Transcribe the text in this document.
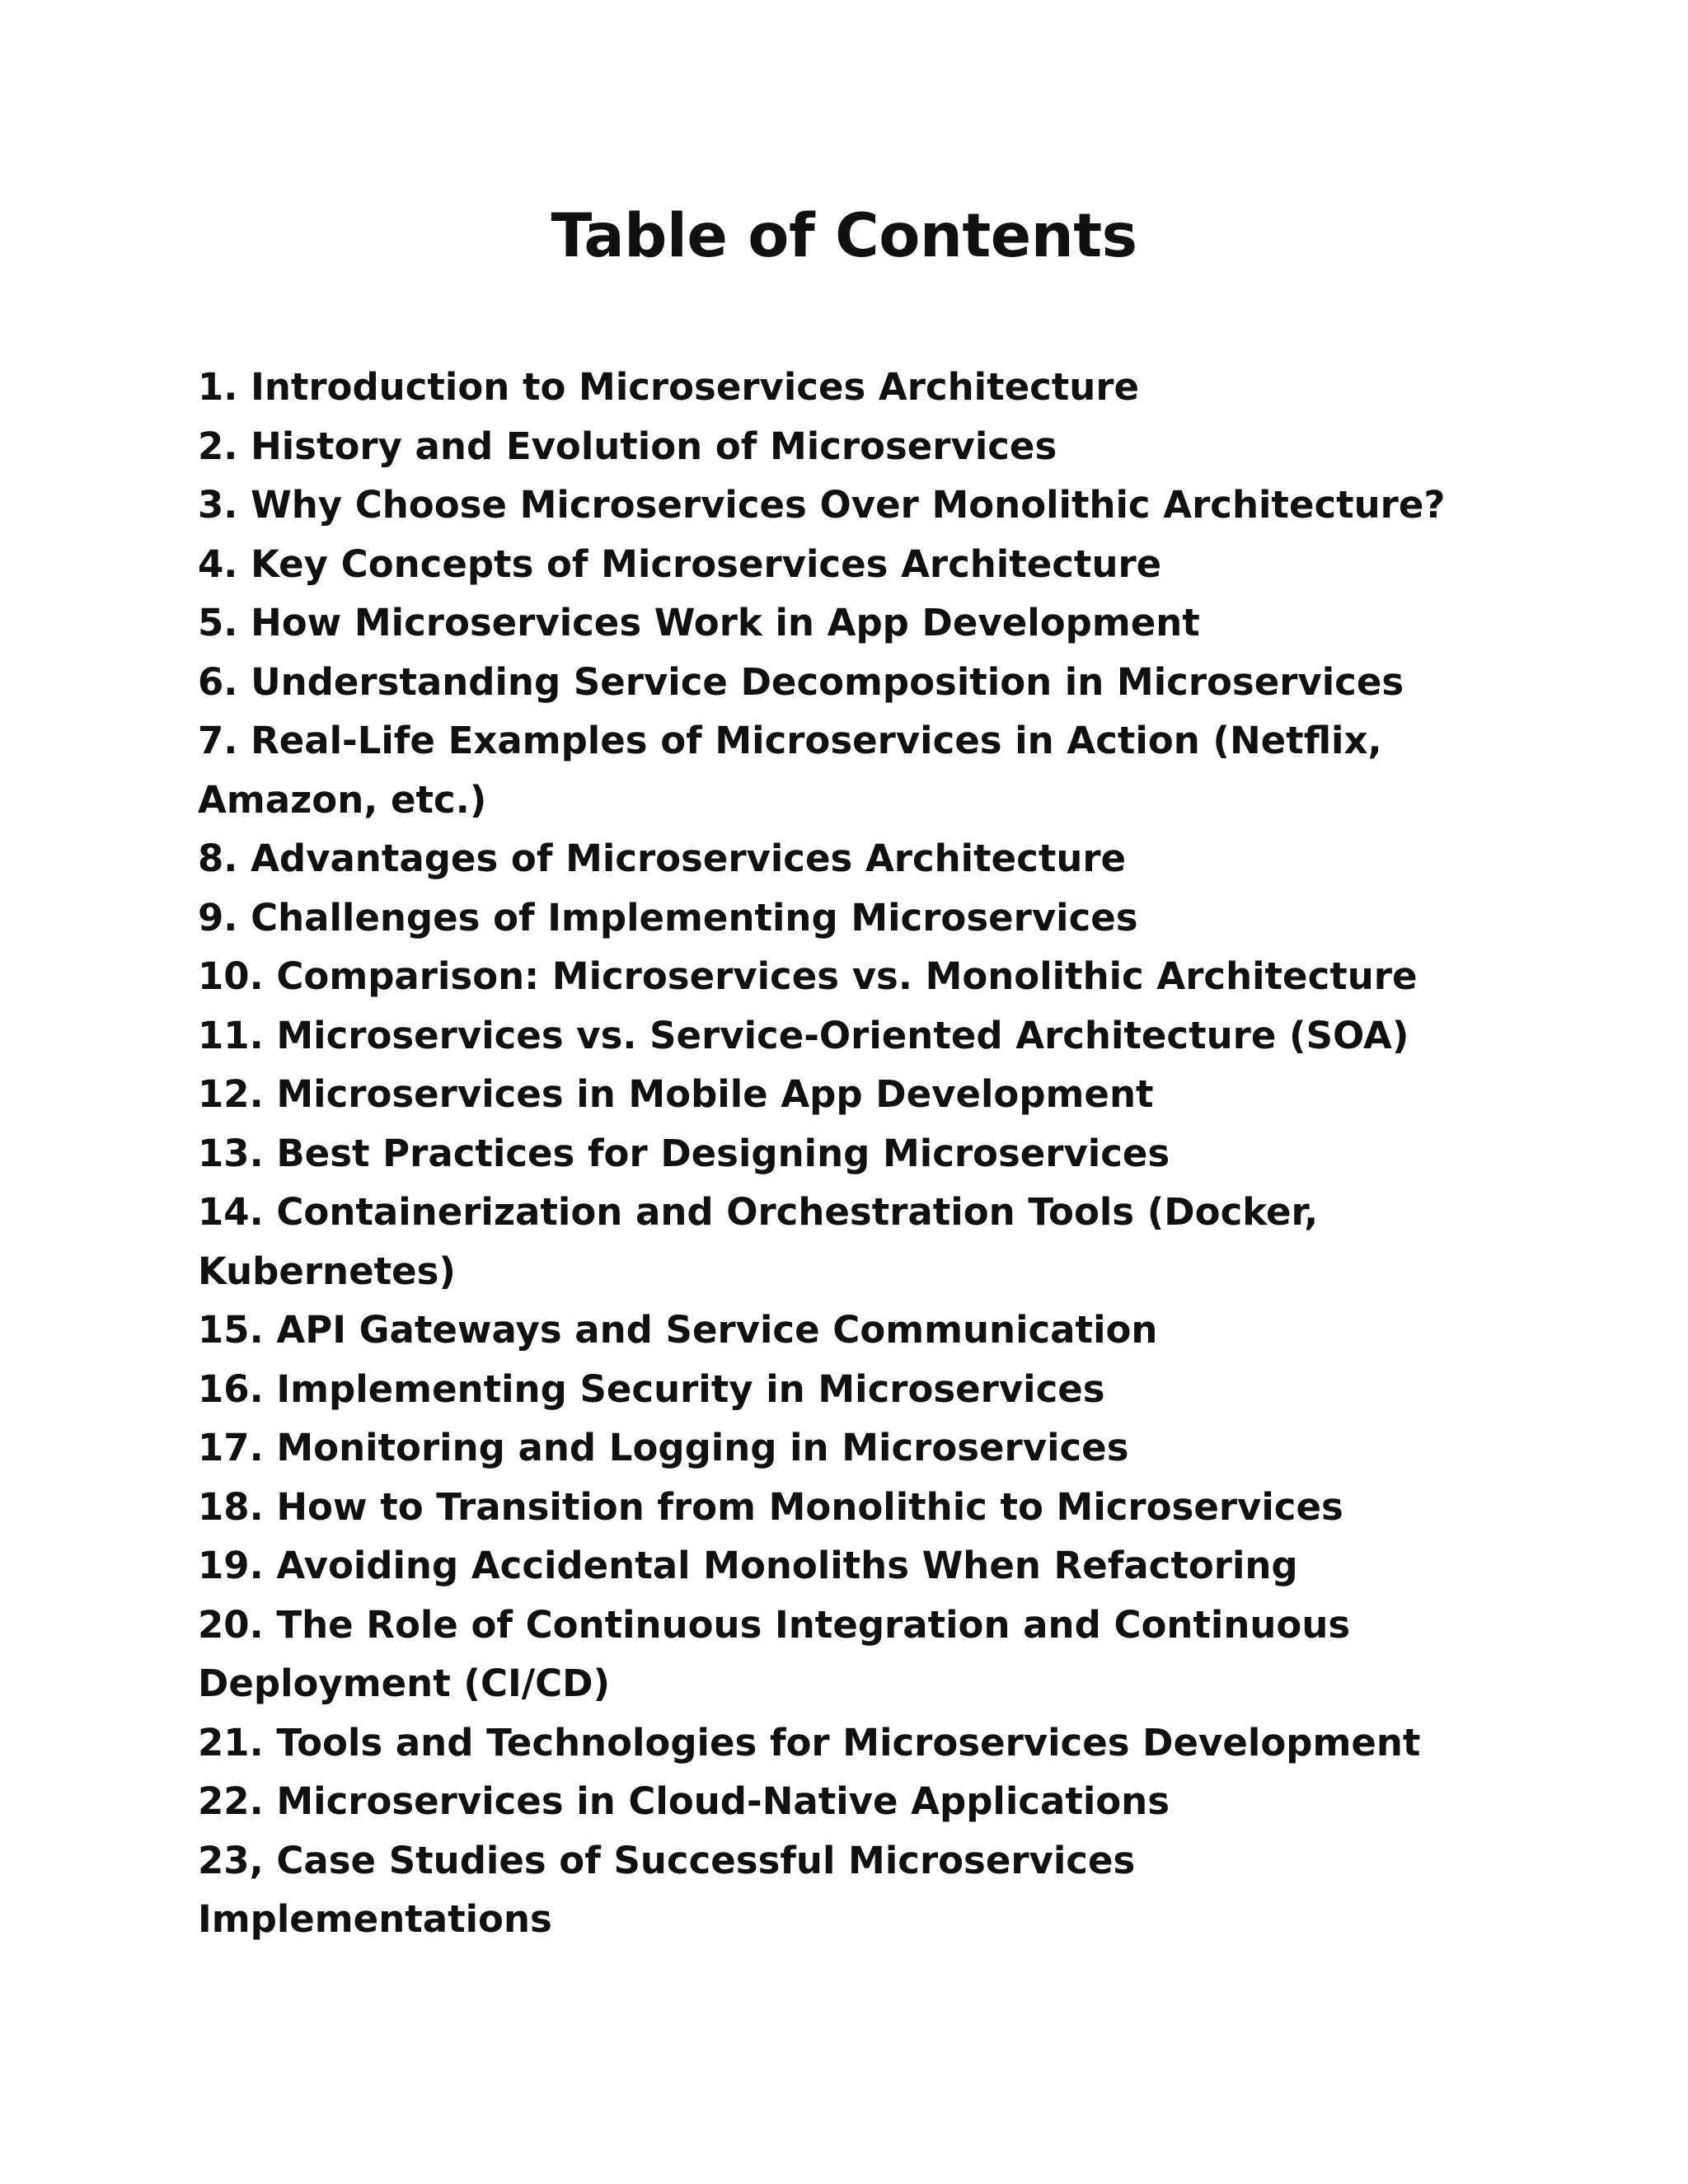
Table of Contents
1. Introduction to Microservices Architecture
2. History and Evolution of Microservices
3. Why Choose Microservices Over Monolithic Architecture?
4. Key Concepts of Microservices Architecture
5. How Microservices Work in App Development
6. Understanding Service Decomposition in Microservices
7. Real-Life Examples of Microservices in Action (Netflix, Amazon, etc.)
8. Advantages of Microservices Architecture
9. Challenges of Implementing Microservices
10. Comparison: Microservices vs. Monolithic Architecture
11. Microservices vs. Service-Oriented Architecture (SOA)
12. Microservices in Mobile App Development
13. Best Practices for Designing Microservices
14. Containerization and Orchestration Tools (Docker, Kubernetes)
15. API Gateways and Service Communication
16. Implementing Security in Microservices
17. Monitoring and Logging in Microservices
18. How to Transition from Monolithic to Microservices
19. Avoiding Accidental Monoliths When Refactoring
20. The Role of Continuous Integration and Continuous Deployment (CI/CD)
21. Tools and Technologies for Microservices Development
22. Microservices in Cloud-Native Applications
23, Case Studies of Successful Microservices Implementations
